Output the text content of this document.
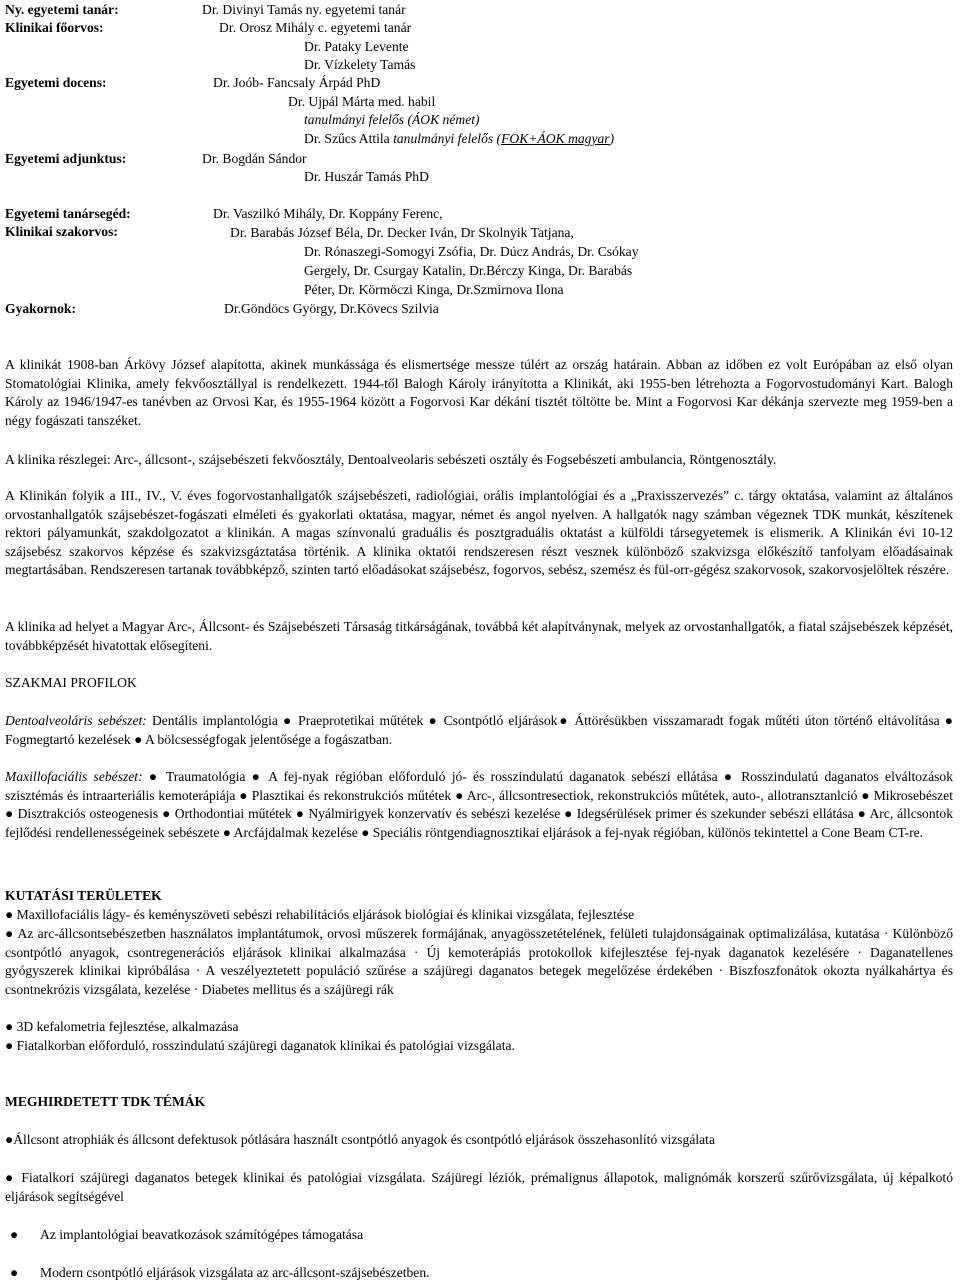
Ny. egyetemi tanár:
Klinikai főorvos:
Egyetemi docens:
Egyetemi adjunktus:
Egyetemi tanársegéd:
Klinikai szakorvos:
Gyakornok:
Dr. Divinyi Tamás ny. egyetemi tanár
Dr. Orosz Mihály c. egyetemi tanár
Dr. Pataky Levente
Dr. Vízkelety Tamás
Dr. Joób- Fancsaly Árpád PhD
Dr. Ujpál Márta med. habil
tanulmányi felelős (ÁOK német)
Dr. Szűcs Attila tanulmányi felelős (FOK+ÁOK magyar)
Dr. Bogdán Sándor
Dr. Huszár Tamás PhD
Dr. Vaszilkó Mihály, Dr. Koppány Ferenc,
Dr. Barabás József Béla, Dr. Decker Iván, Dr Skolnyik Tatjana,
Dr. Rónaszegi-Somogyi Zsófia, Dr. Dúcz András, Dr. Csókay
Gergely, Dr. Csurgay Katalin, Dr.Bérczy Kinga, Dr. Barabás
Péter, Dr. Körmöczi Kinga, Dr.Szmirnova Ilona
Dr.Göndöcs György, Dr.Kövecs Szilvia
A klinikát 1908-ban Árkövy József alapította, akinek munkássága és elismertsége messze túlért az ország határain. Abban az időben ez volt Európában az első olyan Stomatológiai Klinika, amely fekvőosztállyal is rendelkezett. 1944-től Balogh Károly irányította a Klinikát, aki 1955-ben létrehozta a Fogorvostudományi Kart. Balogh Károly az 1946/1947-es tanévben az Orvosi Kar, és 1955-1964 között a Fogorvosi Kar dékáni tisztét töltötte be. Mint a Fogorvosi Kar dékánja szervezte meg 1959-ben a négy fogászati tanszéket.
A klinika részlegei: Arc-, állcsont-, szájsebészeti fekvőosztály, Dentoalveolaris sebészeti osztály és Fogsebészeti ambulancia, Röntgenosztály.
A Klinikán folyik a III., IV., V. éves fogorvostanhallgatók szájsebészeti, radiológiai, orális implantológiai és a „Praxisszervezés” c. tárgy oktatása, valamint az általános orvostanhallgatók szájsebészet-fogászati elméleti és gyakorlati oktatása, magyar, német és angol nyelven. A hallgatók nagy számban végeznek TDK munkát, készítenek rektori pályamunkát, szakdolgozatot a klinikán. A magas színvonalú graduális és posztgraduális oktatást a külföldi társegyetemek is elismerik. A Klinikán évi 10-12 szájsebész szakorvos képzése és szakvizsgáztatása történik. A klinika oktatói rendszeresen részt vesznek különböző szakvizsga előkészítő tanfolyam előadásainak megtartásában. Rendszeresen tartanak továbbképző, szinten tartó előadásokat szájsebész, fogorvos, sebész, szemész és fül-orr-gégész szakorvosok, szakorvosjelöltek részére.
A klinika ad helyet a Magyar Arc-, Állcsont- és Szájsebészeti Társaság titkárságának, továbbá két alapítványnak, melyek az orvostanhallgatók, a fiatal szájsebészek képzését, továbbképzését hivatottak elősegíteni.
SZAKMAI PROFILOK
Dentoalveoláris sebészet: Dentális implantológia ● Praeprotetikai műtétek ● Csontpótló eljárások● Áttörésükben visszamaradt fogak műtéti úton történő eltávolítása ● Fogmegtartó kezelések ● A bölcsességfogak jelentősége a fogászatban.
Maxillofaciális sebészet: ● Traumatológia ● A fej-nyak régióban előforduló jó- és rosszindulatú daganatok sebészi ellátása ● Rosszindulatú daganatos elváltozások szisztémás és intraarteriális kemoterápiája ● Plasztikai és rekonstrukciós műtétek ● Arc-, állcsontresectiok, rekonstrukciós műtétek, auto-, allotransztanlció ● Mikrosebészet ● Disztrakciós osteogenesis ● Orthodontiai műtétek ● Nyálmirigyek konzervatív és sebészi kezelése ● Idegsérülések primer és szekunder sebészi ellátása ● Arc, állcsontok fejlődési rendellenességeinek sebészete ● Arcfájdalmak kezelése ● Speciális röntgendiagnosztikai eljárások a fej-nyak régióban, különös tekintettel a Cone Beam CT-re.
KUTATÁSI TERÜLETEK
● Maxillofaciális lágy- és keményszöveti sebészi rehabilitációs eljárások biológiai és klinikai vizsgálata, fejlesztése
● Az arc-állcsontsebészetben használatos implantátumok, orvosi műszerek formájának, anyagösszetételének, felületi tulajdonságainak optimalizálása, kutatása · Különböző csontpótló anyagok, csontregenerációs eljárások klinikai alkalmazása · Új kemoterápiás protokollok kifejlesztése fej-nyak daganatok kezelésére · Daganatellenes gyógyszerek klinikai kipróbálása · A veszélyeztetett populáció szűrése a szájüregi daganatos betegek megelőzése érdekében · Biszfoszfonátok okozta nyálkahártya és csontnekrózis vizsgálata, kezelése · Diabetes mellitus és a szájüregi rák
● 3D kefalometria fejlesztése, alkalmazása
● Fiatalkorban előforduló, rosszindulatú szájüregi daganatok klinikai és patológiai vizsgálata.
MEGHIRDETETT TDK TÉMÁK
●Állcsont atrophiák és állcsont defektusok pótlására használt csontpótló anyagok és csontpótló eljárások összehasonlító vizsgálata
● Fiatalkori szájüregi daganatos betegek klinikai és patológiai vizsgálata. Szájüregi léziók, prémalignus állapotok, malignómák korszerű szűrővizsgálata, új képalkotó eljárások segítségével
● Az implantológiai beavatkozások számítógépes támogatása
● Modern csontpótló eljárások vizsgálata az arc-állcsont-szájsebészetben.
